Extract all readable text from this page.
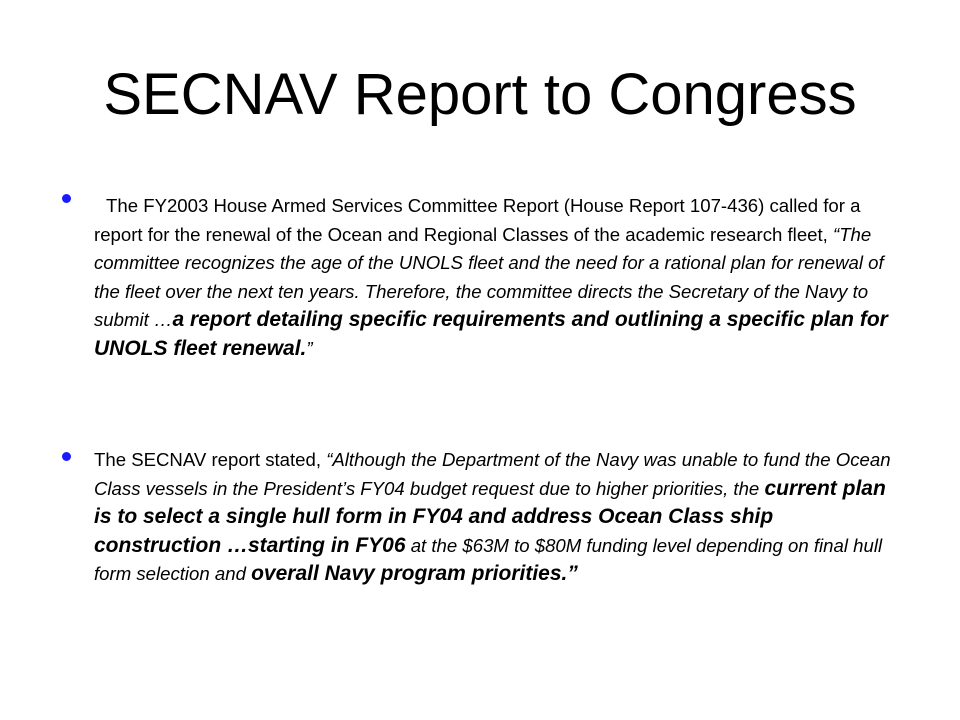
SECNAV Report to Congress

The FY2003 House Armed Services Committee Report (House Report 107-436) called for a report for the renewal of the Ocean and Regional Classes of the academic research fleet, “The committee recognizes the age of the UNOLS fleet and the need for a rational plan for renewal of the fleet over the next ten years. Therefore, the committee directs the Secretary of the Navy to submit …a report detailing specific requirements and outlining a specific plan for UNOLS fleet renewal.”

The SECNAV report stated, “Although the Department of the Navy was unable to fund the Ocean Class vessels in the President’s FY04 budget request due to higher priorities, the current plan is to select a single hull form in FY04 and address Ocean Class ship construction …starting in FY06 at the $63M to $80M funding level depending on final hull form selection and overall Navy program priorities.”
